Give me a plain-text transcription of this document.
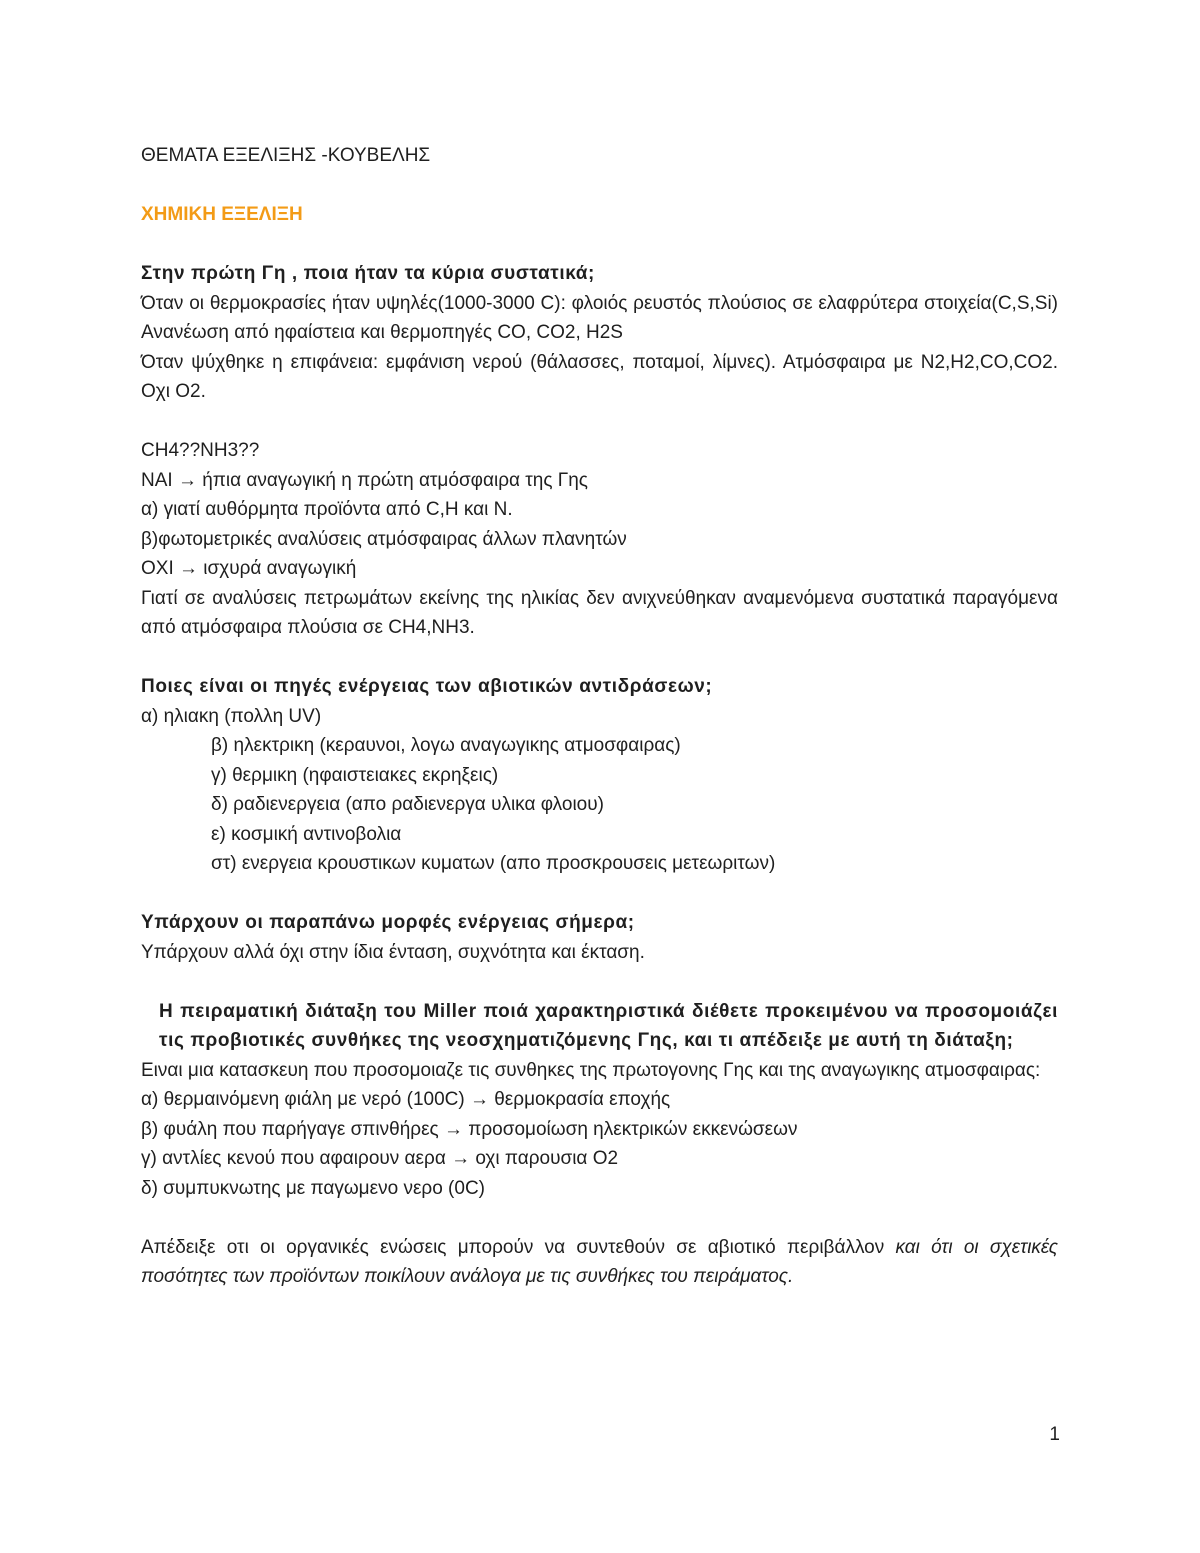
ΘΕΜΑΤΑ ΕΞΕΛΙΞΗΣ -ΚΟΥΒΕΛΗΣ

ΧΗΜΙΚΗ ΕΞΕΛΙΞΗ

Στην πρώτη Γη , ποια ήταν τα κύρια συστατικά;

Όταν οι θερμοκρασίες ήταν υψηλές(1000-3000 C): φλοιός ρευστός πλούσιος σε ελαφρύτερα στοιχεία(C,S,Si) Ανανέωση από ηφαίστεια και θερμοπηγές CO, CO2, H2S

Όταν ψύχθηκε η επιφάνεια: εμφάνιση νερού (θάλασσες, ποταμοί, λίμνες). Ατμόσφαιρα με N2,H2,CO,CO2. Οχι O2.

CH4??NH3??

ΝΑΙ → ήπια αναγωγική η πρώτη ατμόσφαιρα της Γης

α) γιατί αυθόρμητα προϊόντα από C,H και N.

β)φωτομετρικές αναλύσεις ατμόσφαιρας άλλων πλανητών

ΟΧΙ → ισχυρά αναγωγική

Γιατί σε αναλύσεις πετρωμάτων εκείνης της ηλικίας δεν ανιχνεύθηκαν αναμενόμενα συστατικά παραγόμενα από ατμόσφαιρα πλούσια σε CH4,NH3.

Ποιες είναι οι πηγές ενέργειας των αβιοτικών αντιδράσεων;

α) ηλιακη (πολλη UV)

β) ηλεκτρικη (κεραυνοι, λογω αναγωγικης ατμοσφαιρας)

γ) θερμικη (ηφαιστειακες εκρηξεις)

δ) ραδιενεργεια (απο ραδιενεργα υλικα φλοιου)

ε) κοσμική αντινοβολια

στ) ενεργεια κρουστικων κυματων (απο προσκρουσεις μετεωριτων)

Υπάρχουν οι παραπάνω μορφές ενέργειας σήμερα;

Υπάρχουν αλλά όχι στην ίδια ένταση, συχνότητα και έκταση.

Η πειραματική διάταξη του Miller ποιά χαρακτηριστικά διέθετε προκειμένου να προσομοιάζει τις προβιοτικές συνθήκες της νεοσχηματιζόμενης Γης, και τι απέδειξε με αυτή τη διάταξη;

Ειναι μια κατασκευη που προσομοιαζε τις συνθηκες της πρωτογονης Γης και της αναγωγικης ατμοσφαιρας:

α) θερμαινόμενη φιάλη με νερό (100C) → θερμοκρασία εποχής

β) φυάλη που παρήγαγε σπινθήρες → προσομοίωση ηλεκτρικών εκκενώσεων

γ) αντλίες κενού που αφαιρουν αερα → οχι παρουσια O2

δ) συμπυκνωτης με παγωμενο νερο (0C)

Απέδειξε οτι οι οργανικές ενώσεις μπορούν να συντεθούν σε αβιοτικό περιβάλλον και ότι οι σχετικές ποσότητες των προϊόντων ποικίλουν ανάλογα με τις συνθήκες του πειράματος.

1
